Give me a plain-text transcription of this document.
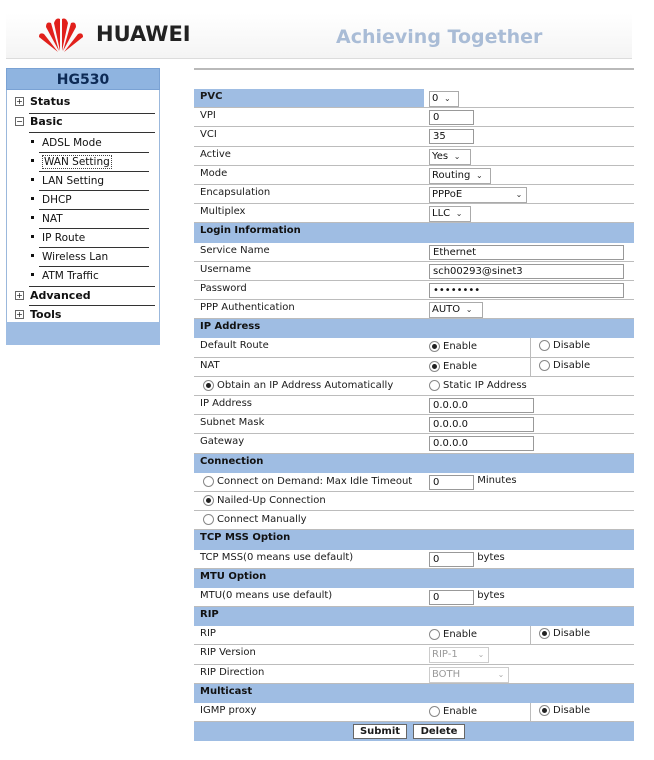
HUAWEI	Achieving Together
HG530
+ Status
− Basic
ADSL Mode
WAN Setting
LAN Setting
DHCP
NAT
IP Route
Wireless Lan
ATM Traffic
+ Advanced
+ Tools
PVC	0 ⌄
VPI	0
VCI	35
Active	Yes ⌄
Mode	Routing ⌄
Encapsulation	PPPoE	⌄
Multiplex	LLC ⌄
Login Information
Service Name	Ethernet
Username	sch00293@sinet3
Password	••••••••
PPP Authentication	AUTO ⌄
IP Address
Default Route	Enable	Disable
NAT	Enable	Disable
Obtain an IP Address Automatically	Static IP Address
IP Address	0.0.0.0
Subnet Mask	0.0.0.0
Gateway	0.0.0.0
Connection
Connect on Demand: Max Idle Timeout	0	Minutes
Nailed-Up Connection
Connect Manually
TCP MSS Option
TCP MSS(0 means use default)	0	bytes
MTU Option
MTU(0 means use default)	0	bytes
RIP
RIP	Enable	Disable
RIP Version	RIP-1 ⌄
RIP Direction	BOTH	⌄
Multicast
IGMP proxy	Enable	Disable
Submit	Delete
